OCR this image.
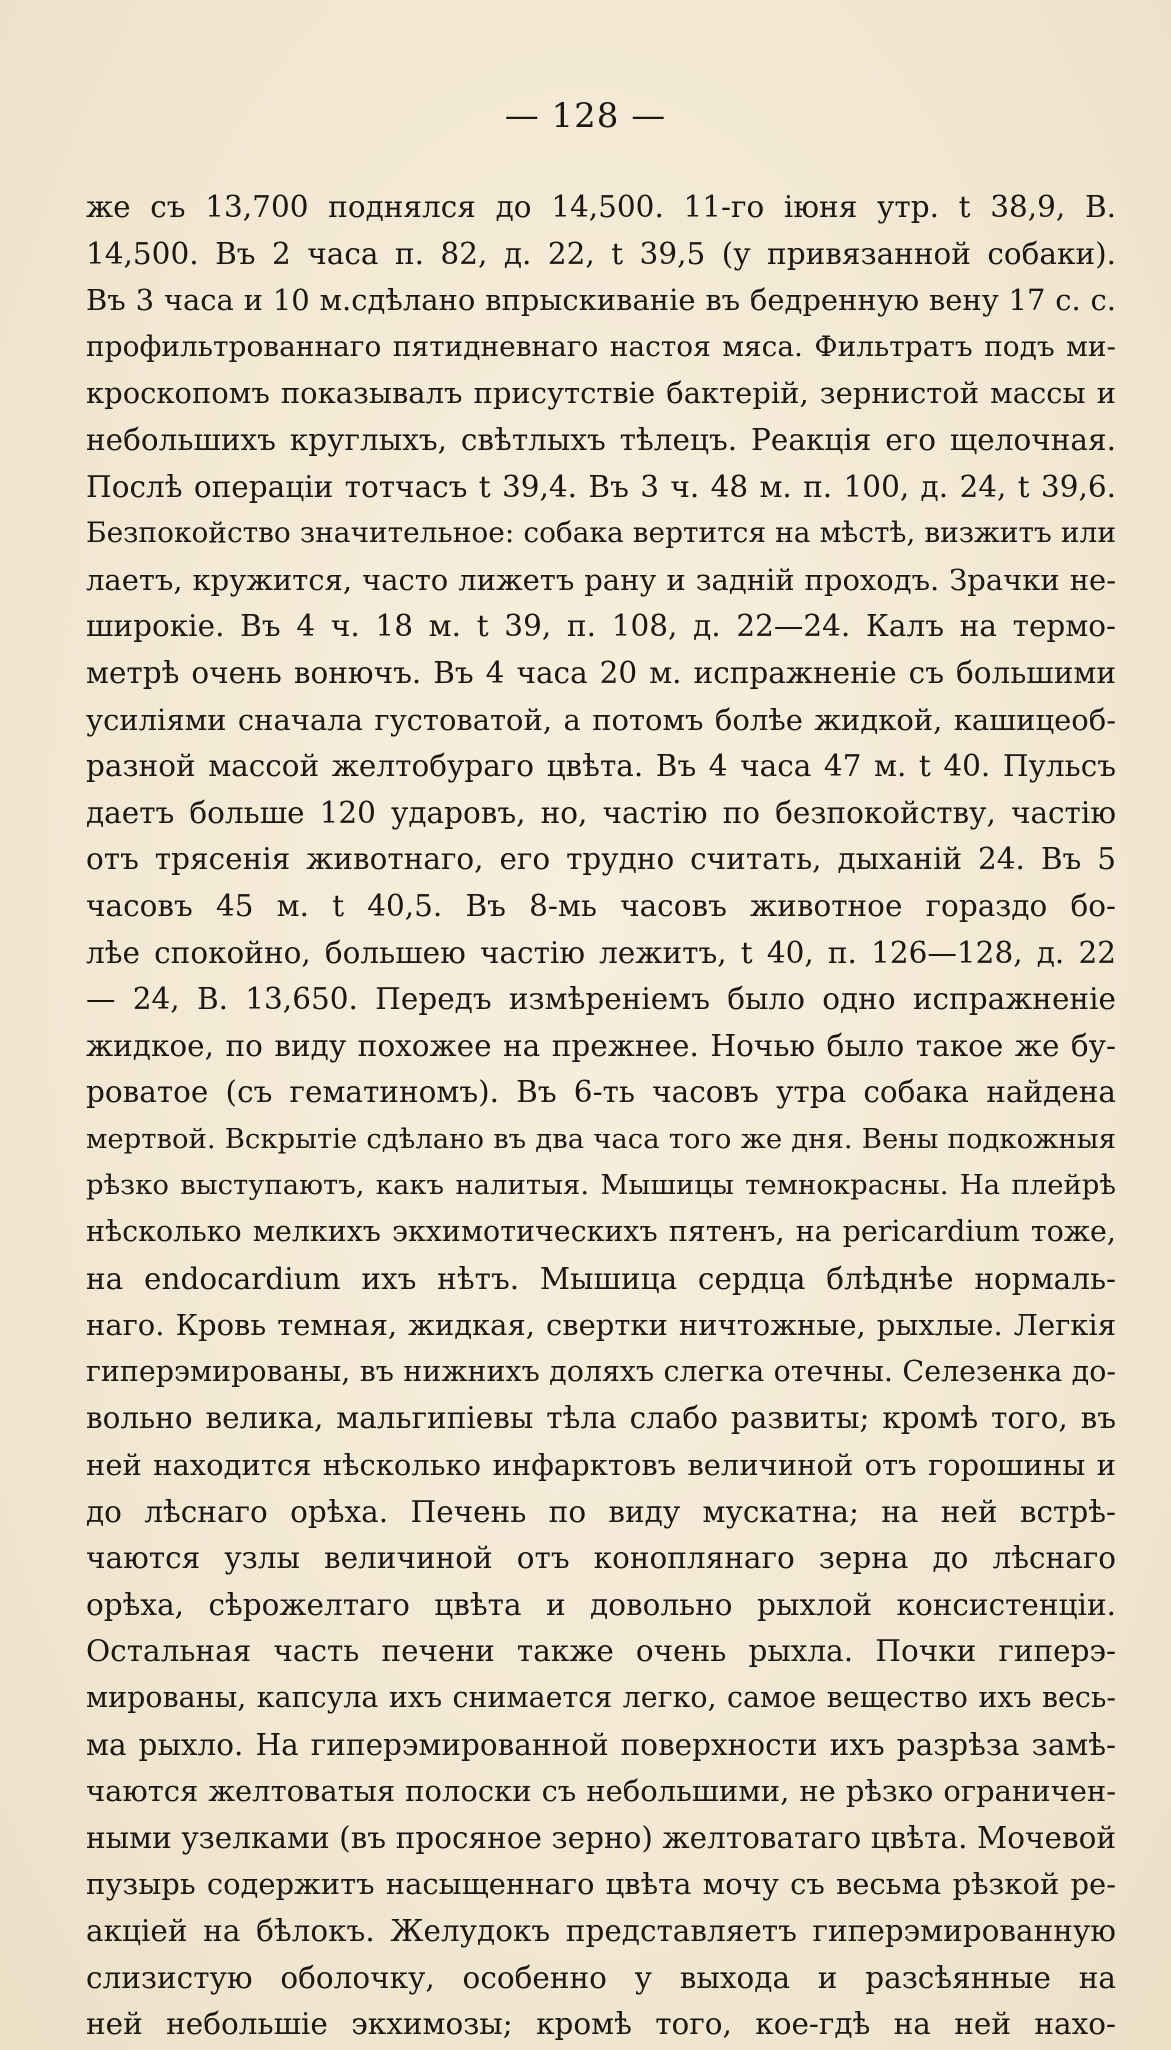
— 128 —
же съ 13,700 поднялся до 14,500. 11-го іюня утр. t 38,9, В.
14,500. Въ 2 часа п. 82, д. 22, t 39,5 (у привязанной собаки).
Въ 3 часа и 10 м.сдѣлано впрыскиваніе въ бедренную вену 17 с. с.
профильтрованнаго пятидневнаго настоя мяса. Фильтратъ подъ ми-
кроскопомъ показывалъ присутствіе бактерій, зернистой массы и
небольшихъ круглыхъ, свѣтлыхъ тѣлецъ. Реакція его щелочная.
Послѣ операціи тотчасъ t 39,4. Въ 3 ч. 48 м. п. 100, д. 24, t 39,6.
Безпокойство значительное: собака вертится на мѣстѣ, визжитъ или
лаетъ, кружится, часто лижетъ рану и заднiй проходъ. Зрачки не-
широкіе. Въ 4 ч. 18 м. t 39, п. 108, д. 22—24. Калъ на термо-
метрѣ очень вонючъ. Въ 4 часа 20 м. испражненіе съ большими
усиліями сначала густоватой, а потомъ болѣе жидкой, кашицеоб-
разной массой желтобураго цвѣта. Въ 4 часа 47 м. t 40. Пульсъ
даетъ больше 120 ударовъ, но, частію по безпокойству, частію
отъ трясенія животнаго, его трудно считать, дыханій 24. Въ 5
часовъ 45 м. t 40,5. Въ 8-мь часовъ животное гораздо бо-
лѣе спокойно, большею частію лежитъ, t 40, п. 126—128, д. 22
— 24, В. 13,650. Передъ измѣреніемъ было одно испражненіе
жидкое, по виду похожее на прежнее. Ночью было такое же бу-
роватое (съ гематиномъ). Въ 6-ть часовъ утра собака найдена
мертвой. Вскрытіе сдѣлано въ два часа того же дня. Вены подкожныя
рѣзко выступаютъ, какъ налитыя. Мышицы темнокрасны. На плейрѣ
нѣсколько мелкихъ экхимотическихъ пятенъ, на pericardium тоже,
на endocardium ихъ нѣтъ. Мышица сердца блѣднѣе нормаль-
наго. Кровь темная, жидкая, свертки ничтожные, рыхлые. Легкія
гиперэмированы, въ нижнихъ доляхъ слегка отечны. Селезенка до-
вольно велика, мальгипіевы тѣла слабо развиты; кромѣ того, въ
ней находится нѣсколько инфарктовъ величиной отъ горошины и
до лѣснаго орѣха. Печень по виду мускатна; на ней встрѣ-
чаются узлы величиной отъ коноплянаго зерна до лѣснаго
орѣха, сѣрожелтаго цвѣта и довольно рыхлой консистенціи.
Остальная часть печени также очень рыхла. Почки гиперэ-
мированы, капсула ихъ снимается легко, самое вещество ихъ весь-
ма рыхло. На гиперэмированной поверхности ихъ разрѣза замѣ-
чаются желтоватыя полоски съ небольшими, не рѣзко ограничен-
ными узелками (въ просяное зерно) желтоватаго цвѣта. Мочевой
пузырь содержитъ насыщеннаго цвѣта мочу съ весьма рѣзкой ре-
акціей на бѣлокъ. Желудокъ представляетъ гиперэмированную
слизистую оболочку, особенно у выхода и разсѣянные на
ней небольшіе экхимозы; кромѣ того, кое-гдѣ на ней нахо-
